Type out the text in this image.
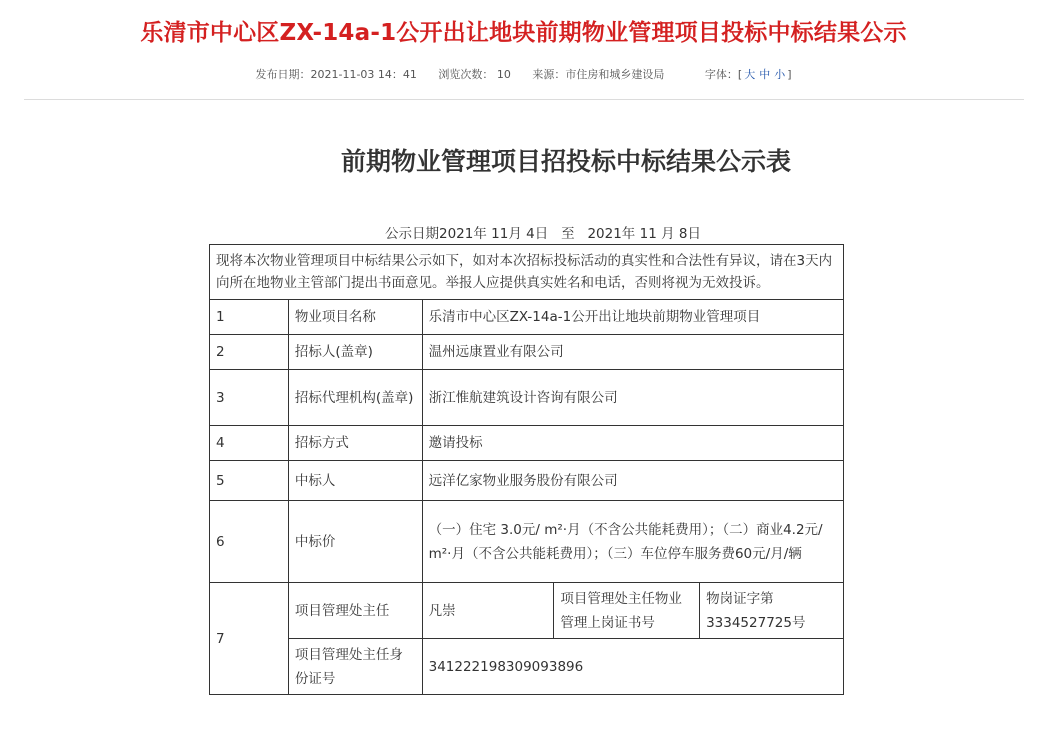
乐清市中心区ZX-14a-1公开出让地块前期物业管理项目投标中标结果公示
发布日期：2021-11-03 14：41 浏览次数： 10 来源：市住房和城乡建设局	字体：[ 大 中 小 ]
前期物业管理项目招投标中标结果公示表
公示日期2021年 11月 4日   至   2021年 11 月 8日
现将本次物业管理项目中标结果公示如下，如对本次招标投标活动的真实性和合法性有异议，请在3天内向所在地物业主管部门提出书面意见。举报人应提供真实姓名和电话，否则将视为无效投诉。				
1	物业项目名称	乐清市中心区ZX-14a-1公开出让地块前期物业管理项目		
2	招标人(盖章)	温州远康置业有限公司		
3	招标代理机构(盖章)	浙江惟航建筑设计咨询有限公司		
4	招标方式	邀请投标		
5	中标人	远洋亿家物业服务股份有限公司		
6	中标价	（一）住宅 3.0元/ m²·月（不含公共能耗费用）；（二）商业4.2元/ m²·月（不含公共能耗费用）；（三）车位停车服务费60元/月/辆		
7	项目管理处主任	凡崇	项目管理处主任物业管理上岗证书号	物岗证字第3334527725号
	项目管理处主任身份证号	341222198309093896		
